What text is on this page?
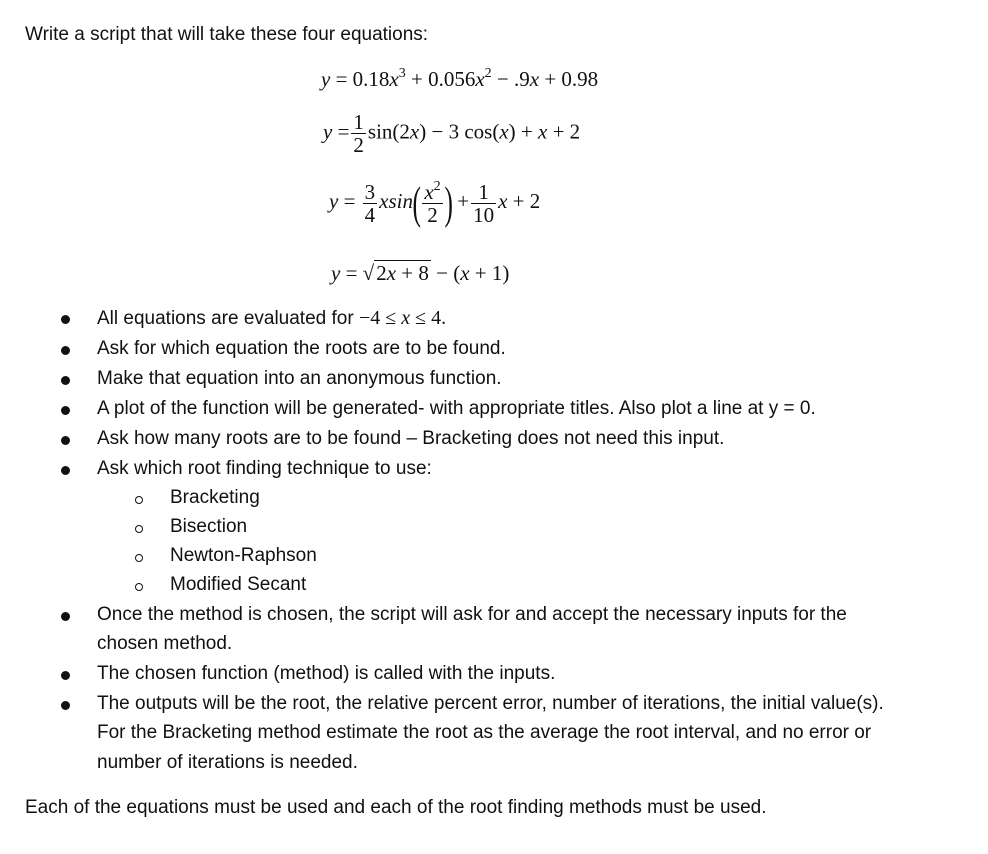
Write a script that will take these four equations:
$y = 0.18x^3 + 0.056x^2 - .9x + 0.98$
$y = \frac{1}{2} \sin(2x) - 3$ cos(x) + x + 2
$y = \frac{3}{4} xsin( \frac{x^2}{2}$ ) + $\frac{1}{10}$ x + 2
y = √2x + 8 − (x + 1)
All equations are evaluated for −4 ≤ x ≤ 4.
Ask for which equation the roots are to be found.
Make that equation into an anonymous function.
A plot of the function will be generated- with appropriate titles. Also plot a line at y = 0.
Ask how many roots are to be found – Bracketing does not need this input.
Ask which root finding technique to use:
Bracketing
Bisection
Newton-Raphson
Modified Secant
Once the method is chosen, the script will ask for and accept the necessary inputs for the
chosen method.
The chosen function (method) is called with the inputs.
The outputs will be the root, the relative percent error, number of iterations, the initial value(s).
For the Bracketing method estimate the root as the average the root interval, and no error or
number of iterations is needed.
Each of the equations must be used and each of the root finding methods must be used.
